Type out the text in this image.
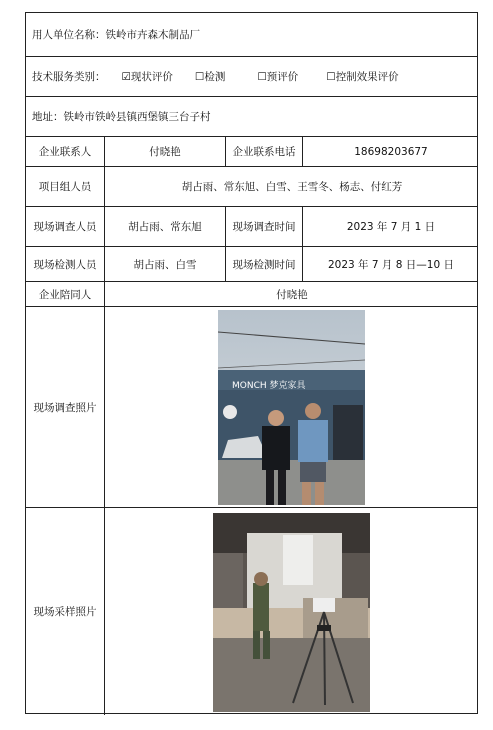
用人单位名称： 铁岭市卉森木制品厂
技术服务类别： ☑现状评价 ☐检测	☐预评价	☐控制效果评价
地址： 铁岭市铁岭县镇西堡镇三台子村
企业联系人	付晓艳	企业联系电话	18698203677
项目组人员	胡占雨、常东旭、白雪、王雪冬、杨志、付红芳
现场调查人员	胡占雨、常东旭	现场调查时间	2023 年 7 月 1 日
现场检测人员	胡占雨、白雪	现场检测时间	2023 年 7 月 8 日—10 日
企业陪同人	付晓艳
现场调查照片
MONCH 梦克家具
现场采样照片
